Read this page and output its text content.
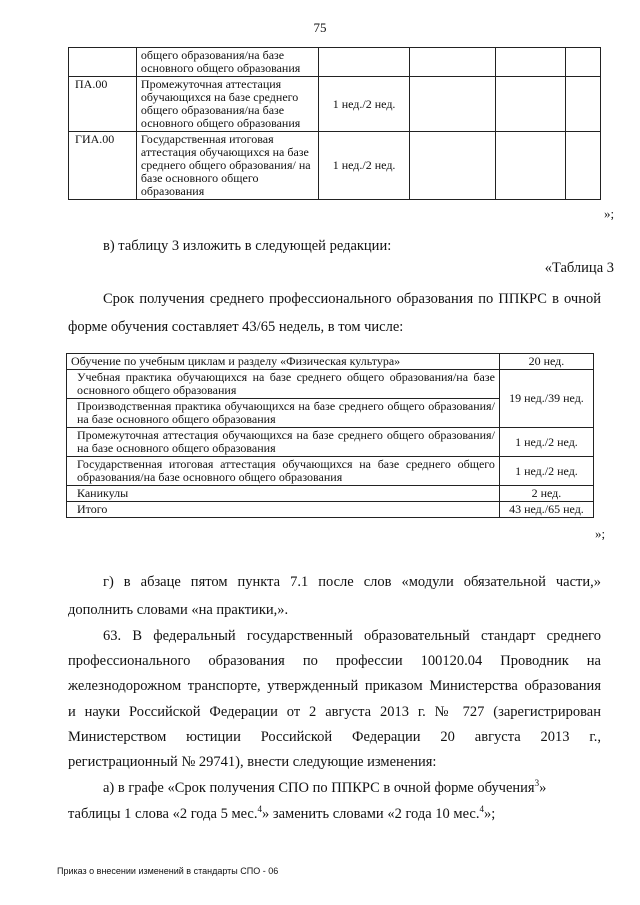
75
	общего образования/на базе основного общего образования				
ПА.00	Промежуточная аттестация обучающихся на базе среднего общего образования/на базе основного общего образования	1 нед./2 нед.			
ГИА.00	Государственная итоговая аттестация обучающихся на базе среднего общего образования/ на базе основного общего образования	1 нед./2 нед.			
»;
в) таблицу 3 изложить в следующей редакции:
«Таблица 3
Срок получения среднего профессионального образования по ППКРС в очной
форме обучения составляет 43/65 недель, в том числе:
Обучение по учебным циклам и разделу «Физическая культура»	20 нед.
Учебная практика обучающихся на базе среднего общего образования/на базе основного общего образования	19 нед./39 нед.
Производственная практика обучающихся на базе среднего общего образования/на базе основного общего образования	
Промежуточная аттестация обучающихся на базе среднего общего образования/на базе основного общего образования	1 нед./2 нед.
Государственная итоговая аттестация обучающихся на базе среднего общего образования/на базе основного общего образования	1 нед./2 нед.
Каникулы	2 нед.
Итого	43 нед./65 нед.
»;
г) в абзаце пятом пункта 7.1 после слов «модули обязательной части,»
дополнить словами «на практики,».
63. В федеральный государственный образовательный стандарт среднего
профессионального образования по профессии 100120.04 Проводник на
железнодорожном транспорте, утвержденный приказом Министерства образования
и науки Российской Федерации от 2 августа 2013 г. № 727 (зарегистрирован
Министерством юстиции Российской Федерации 20 августа 2013 г.,
регистрационный № 29741), внести следующие изменения:
а) в графе «Срок получения СПО по ППКРС в очной форме обучения$^3$»
таблицы 1 слова «2 года 5 мес.$^4$» заменить словами «2 года 10 мес.$^4$»;
Приказ о внесении изменений в стандарты СПО - 06
